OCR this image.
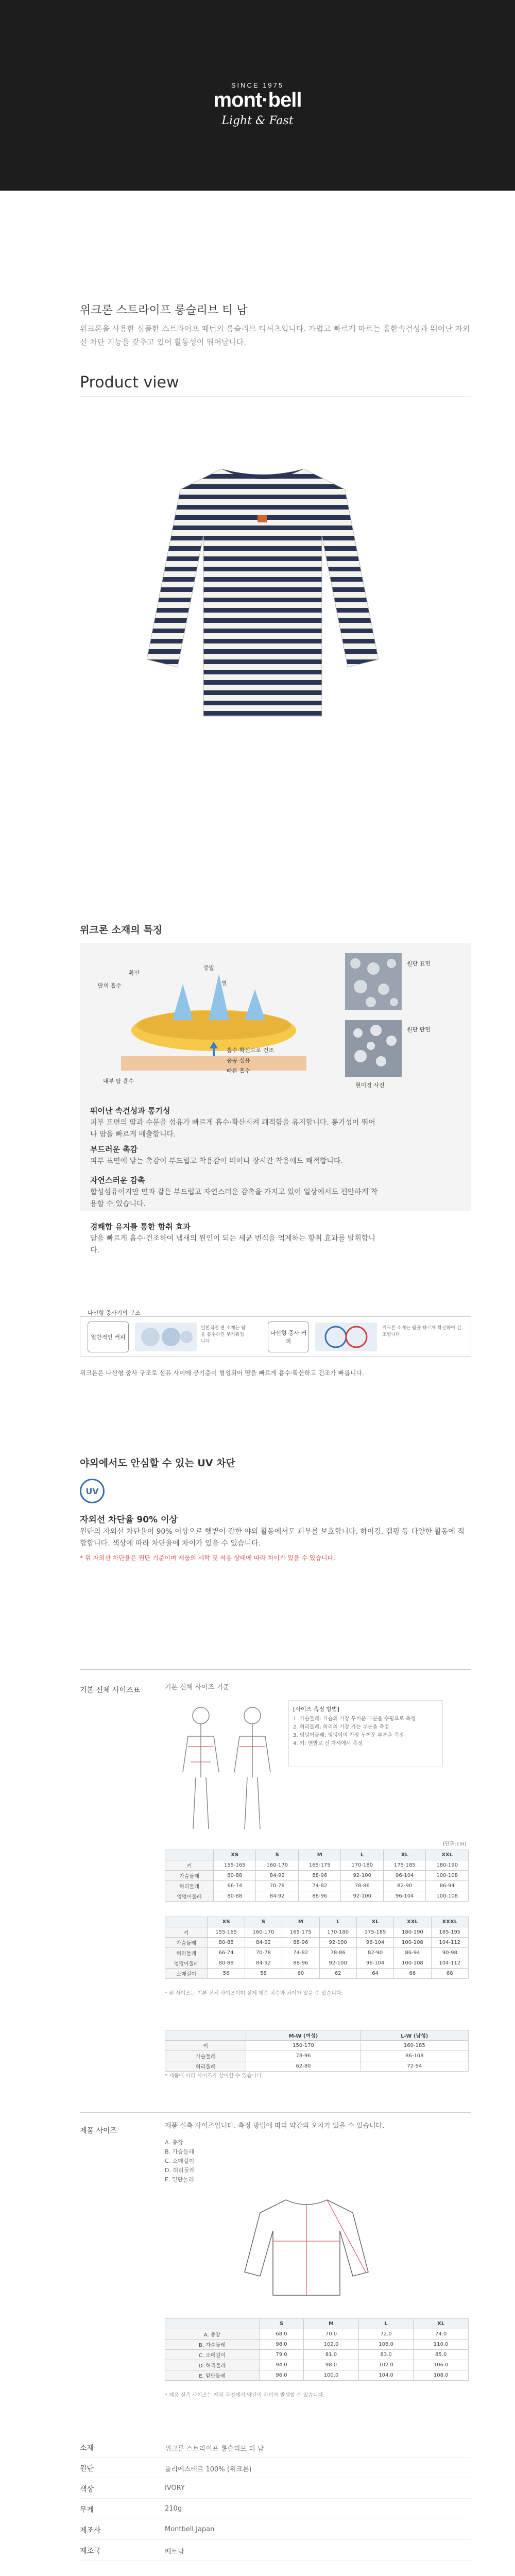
SINCE 1975
mont·bell
Light & Fast
위크론 스트라이프 롱슬리브 티 남
위크론을 사용한 심플한 스트라이프 패턴의 롱슬리브 티셔츠입니다. 가볍고 빠르게 마르는 흡한속건성과 뛰어난 자외선 차단 기능을 갖추고 있어 활동성이 뛰어납니다.
Product view
위크론 소재의 특징
땀의 흡수
확산
증발
열
내부 땀 흡수
흡수·확산으로 건조
중공 섬유
빠른 흡수
원단 표면
원단 단면
현미경 사진
뛰어난 속건성과 통기성
피부 표면의 땀과 수분을 섬유가 빠르게 흡수·확산시켜 쾌적함을 유지합니다. 통기성이 뛰어나 땀을 빠르게 배출합니다.
부드러운 촉감
피부 표면에 닿는 촉감이 부드럽고 착용감이 뛰어나 장시간 착용에도 쾌적합니다.
자연스러운 감촉
합성섬유이지만 면과 같은 부드럽고 자연스러운 감촉을 가지고 있어 일상에서도 편안하게 착용할 수 있습니다.
경쾌함 유지를 통한 항취 효과
땀을 빠르게 흡수·건조하여 냄새의 원인이 되는 세균 번식을 억제하는 항취 효과를 발휘합니다.
나선형 중사기의 구조
일반적인 커피
일반적인 면 소재는 땀을 흡수하면 무거워집니다
나선형 중사 커피
위크론 소재는 땀을 빠르게 확산하여 건조합니다
위크론은 나선형 중사 구조로 섬유 사이에 공기층이 형성되어 땀을 빠르게 흡수·확산하고 건조가 빠릅니다.
야외에서도 안심할 수 있는 UV 차단
UV
자외선 차단율 90% 이상
원단의 자외선 차단율이 90% 이상으로 햇볕이 강한 야외 활동에서도 피부를 보호합니다. 하이킹, 캠핑 등 다양한 활동에 적합합니다. 색상에 따라 차단율에 차이가 있을 수 있습니다.
* 위 자외선 차단율은 원단 기준이며 제품의 세탁 및 착용 상태에 따라 차이가 있을 수 있습니다.
기본 신체 사이즈표	기본 신체 사이즈 기준
[사이즈 측정 방법]
1. 가슴둘레: 가슴의 가장 두꺼운 부분을 수평으로 측정
2. 허리둘레: 허리의 가장 가는 부분을 측정
3. 엉덩이둘레: 엉덩이의 가장 두꺼운 부분을 측정
4. 키: 맨발로 선 자세에서 측정
(단위:cm)
	XS	S	M	L	XL	XXL
키	155-165	160-170	165-175	170-180	175-185	180-190
가슴둘레	80-88	84-92	88-96	92-100	96-104	100-108
허리둘레	66-74	70-78	74-82	78-86	82-90	86-94
엉덩이둘레	80-88	84-92	88-96	92-100	96-104	100-108
	XS	S	M	L	XL	XXL	XXXL
키	155-165	160-170	165-175	170-180	175-185	180-190	185-195
가슴둘레	80-88	84-92	88-96	92-100	96-104	100-108	104-112
허리둘레	66-74	70-78	74-82	78-86	82-90	86-94	90-98
엉덩이둘레	80-88	84-92	88-96	92-100	96-104	100-108	104-112
소매길이	56	58	60	62	64	66	68
* 위 사이즈는 기본 신체 사이즈이며 실제 제품 치수와 차이가 있을 수 있습니다.
	M-W (여성)	L-W (남성)
키	150-170	160-185
가슴둘레	78-96	86-108
허리둘레	62-80	72-94
* 제품에 따라 사이즈가 상이할 수 있습니다.
제품 사이즈
제품 실측 사이즈입니다. 측정 방법에 따라 약간의 오차가 있을 수 있습니다.
A. 총장
B. 가슴둘레
C. 소매길이
D. 허리둘레
E. 밑단둘레
	S	M	L	XL
A. 총장	68.0	70.0	72.0	74.0
B. 가슴둘레	98.0	102.0	106.0	110.0
C. 소매길이	79.0	81.0	83.0	85.0
D. 허리둘레	94.0	98.0	102.0	106.0
E. 밑단둘레	96.0	100.0	104.0	108.0
* 제품 실측 사이즈는 제작 과정에서 약간의 차이가 발생할 수 있습니다.
소재	위크론 스트라이프 롱슬리브 티 남
원단	폴리에스테르 100% (위크론)
색상	IVORY
무게	210g
제조사	Montbell Japan
제조국	베트남
